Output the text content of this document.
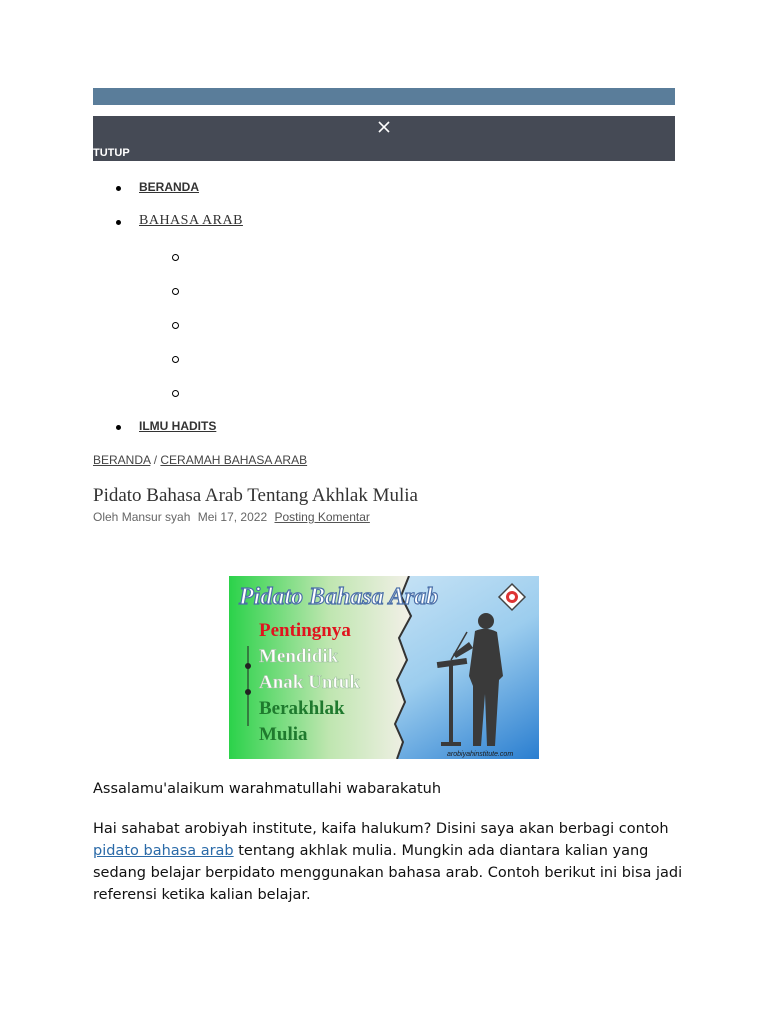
TUTUP
BERANDA
BAHASA ARAB
ILMU HADITS
BERANDA / CERAMAH BAHASA ARAB
Pidato Bahasa Arab Tentang Akhlak Mulia
Oleh Mansur syah Mei 17, 2022 Posting Komentar
Pidato Bahasa Arab
Pentingnya
Mendidik
Anak Untuk
Berakhlak
Mulia
arobiyahinstitute.com
Assalamu'alaikum warahmatullahi wabarakatuh
Hai sahabat arobiyah institute, kaifa halukum? Disini saya akan berbagi contoh pidato bahasa arab tentang akhlak mulia. Mungkin ada diantara kalian yang sedang belajar berpidato menggunakan bahasa arab. Contoh berikut ini bisa jadi referensi ketika kalian belajar.
